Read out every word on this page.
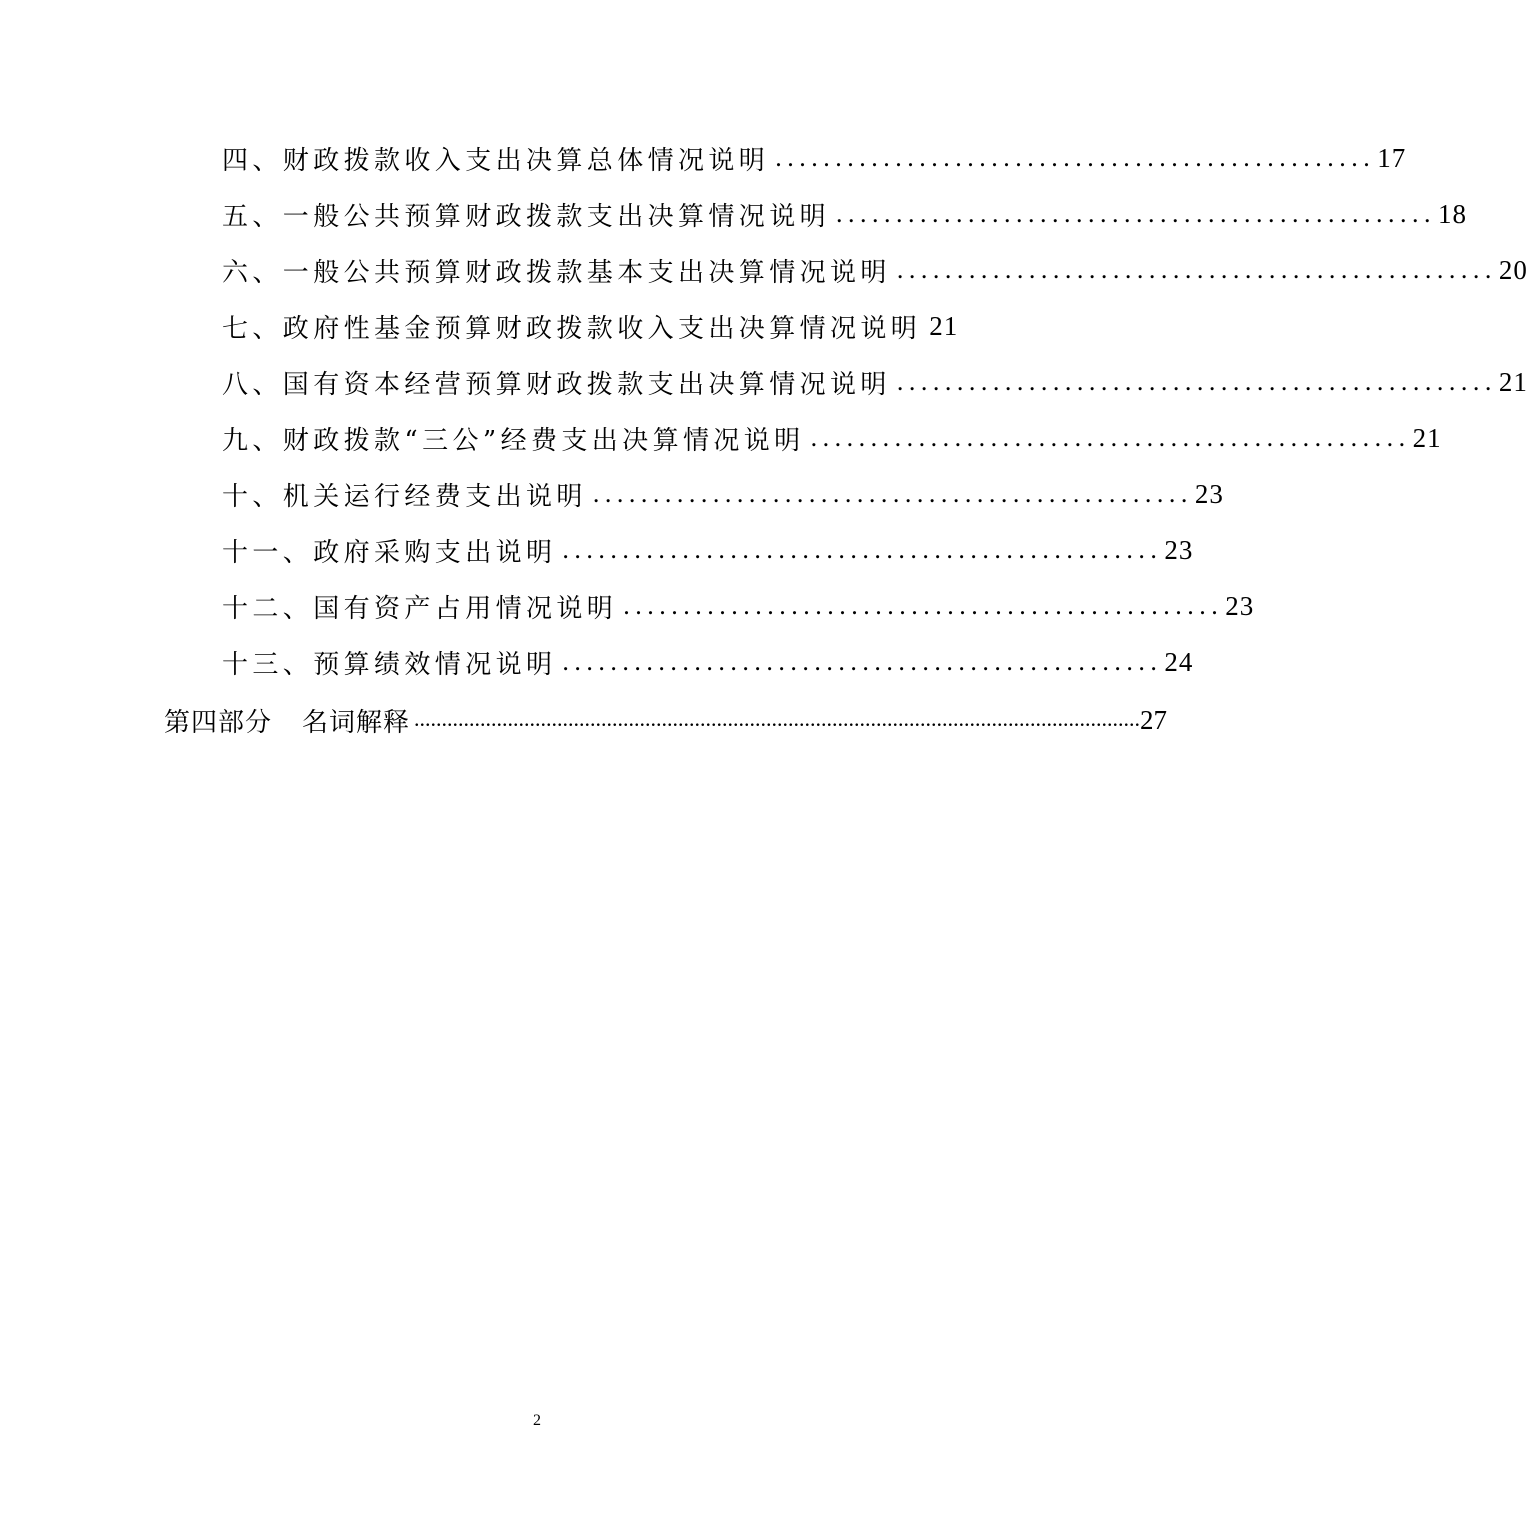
四、财政拨款收入支出决算总体情况说明 .................................................. 17
五、一般公共预算财政拨款支出决算情况说明 .................................................. 18
六、一般公共预算财政拨款基本支出决算情况说明 .................................................. 20
七、政府性基金预算财政拨款收入支出决算情况说明 21
八、国有资本经营预算财政拨款支出决算情况说明 .................................................. 21
九、财政拨款“三公”经费支出决算情况说明 .................................................. 21
十、机关运行经费支出说明 .................................................. 23
十一、政府采购支出说明 .................................................. 23
十二、国有资产占用情况说明 .................................................. 23
十三、预算绩效情况说明 .................................................. 24
第四部分 名词解释 .................................................................................................................................... 27
2
